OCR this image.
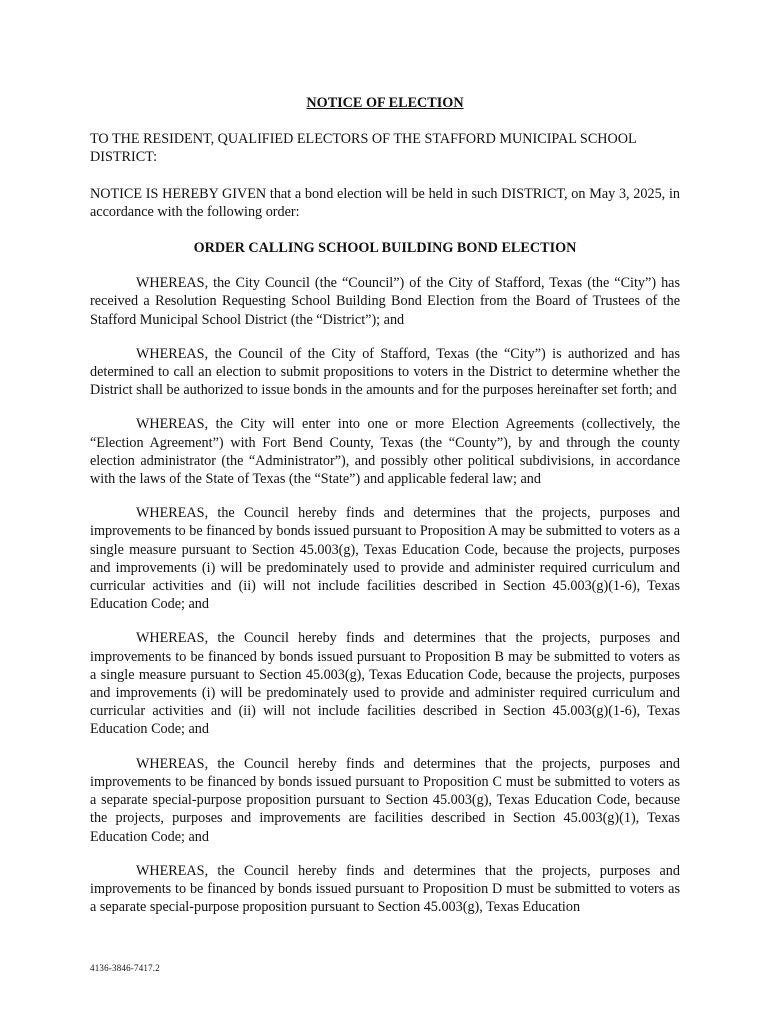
NOTICE OF ELECTION
TO THE RESIDENT, QUALIFIED ELECTORS OF THE STAFFORD MUNICIPAL SCHOOL DISTRICT:
NOTICE IS HEREBY GIVEN that a bond election will be held in such DISTRICT, on May 3, 2025, in accordance with the following order:
ORDER CALLING SCHOOL BUILDING BOND ELECTION

WHEREAS, the City Council (the “Council”) of the City of Stafford, Texas (the “City”) has received a Resolution Requesting School Building Bond Election from the Board of Trustees of the Stafford Municipal School District (the “District”); and

WHEREAS, the Council of the City of Stafford, Texas (the “City”) is authorized and has determined to call an election to submit propositions to voters in the District to determine whether the District shall be authorized to issue bonds in the amounts and for the purposes hereinafter set forth; and

WHEREAS, the City will enter into one or more Election Agreements (collectively, the “Election Agreement”) with Fort Bend County, Texas (the “County”), by and through the county election administrator (the “Administrator”), and possibly other political subdivisions, in accordance with the laws of the State of Texas (the “State”) and applicable federal law; and

WHEREAS, the Council hereby finds and determines that the projects, purposes and improvements to be financed by bonds issued pursuant to Proposition A may be submitted to voters as a single measure pursuant to Section 45.003(g), Texas Education Code, because the projects, purposes and improvements (i) will be predominately used to provide and administer required curriculum and curricular activities and (ii) will not include facilities described in Section 45.003(g)(1-6), Texas Education Code; and

WHEREAS, the Council hereby finds and determines that the projects, purposes and improvements to be financed by bonds issued pursuant to Proposition B may be submitted to voters as a single measure pursuant to Section 45.003(g), Texas Education Code, because the projects, purposes and improvements (i) will be predominately used to provide and administer required curriculum and curricular activities and (ii) will not include facilities described in Section 45.003(g)(1-6), Texas Education Code; and

WHEREAS, the Council hereby finds and determines that the projects, purposes and improvements to be financed by bonds issued pursuant to Proposition C must be submitted to voters as a separate special-purpose proposition pursuant to Section 45.003(g), Texas Education Code, because the projects, purposes and improvements are facilities described in Section 45.003(g)(1), Texas Education Code; and

WHEREAS, the Council hereby finds and determines that the projects, purposes and improvements to be financed by bonds issued pursuant to Proposition D must be submitted to voters as a separate special-purpose proposition pursuant to Section 45.003(g), Texas Education

4136-3846-7417.2
